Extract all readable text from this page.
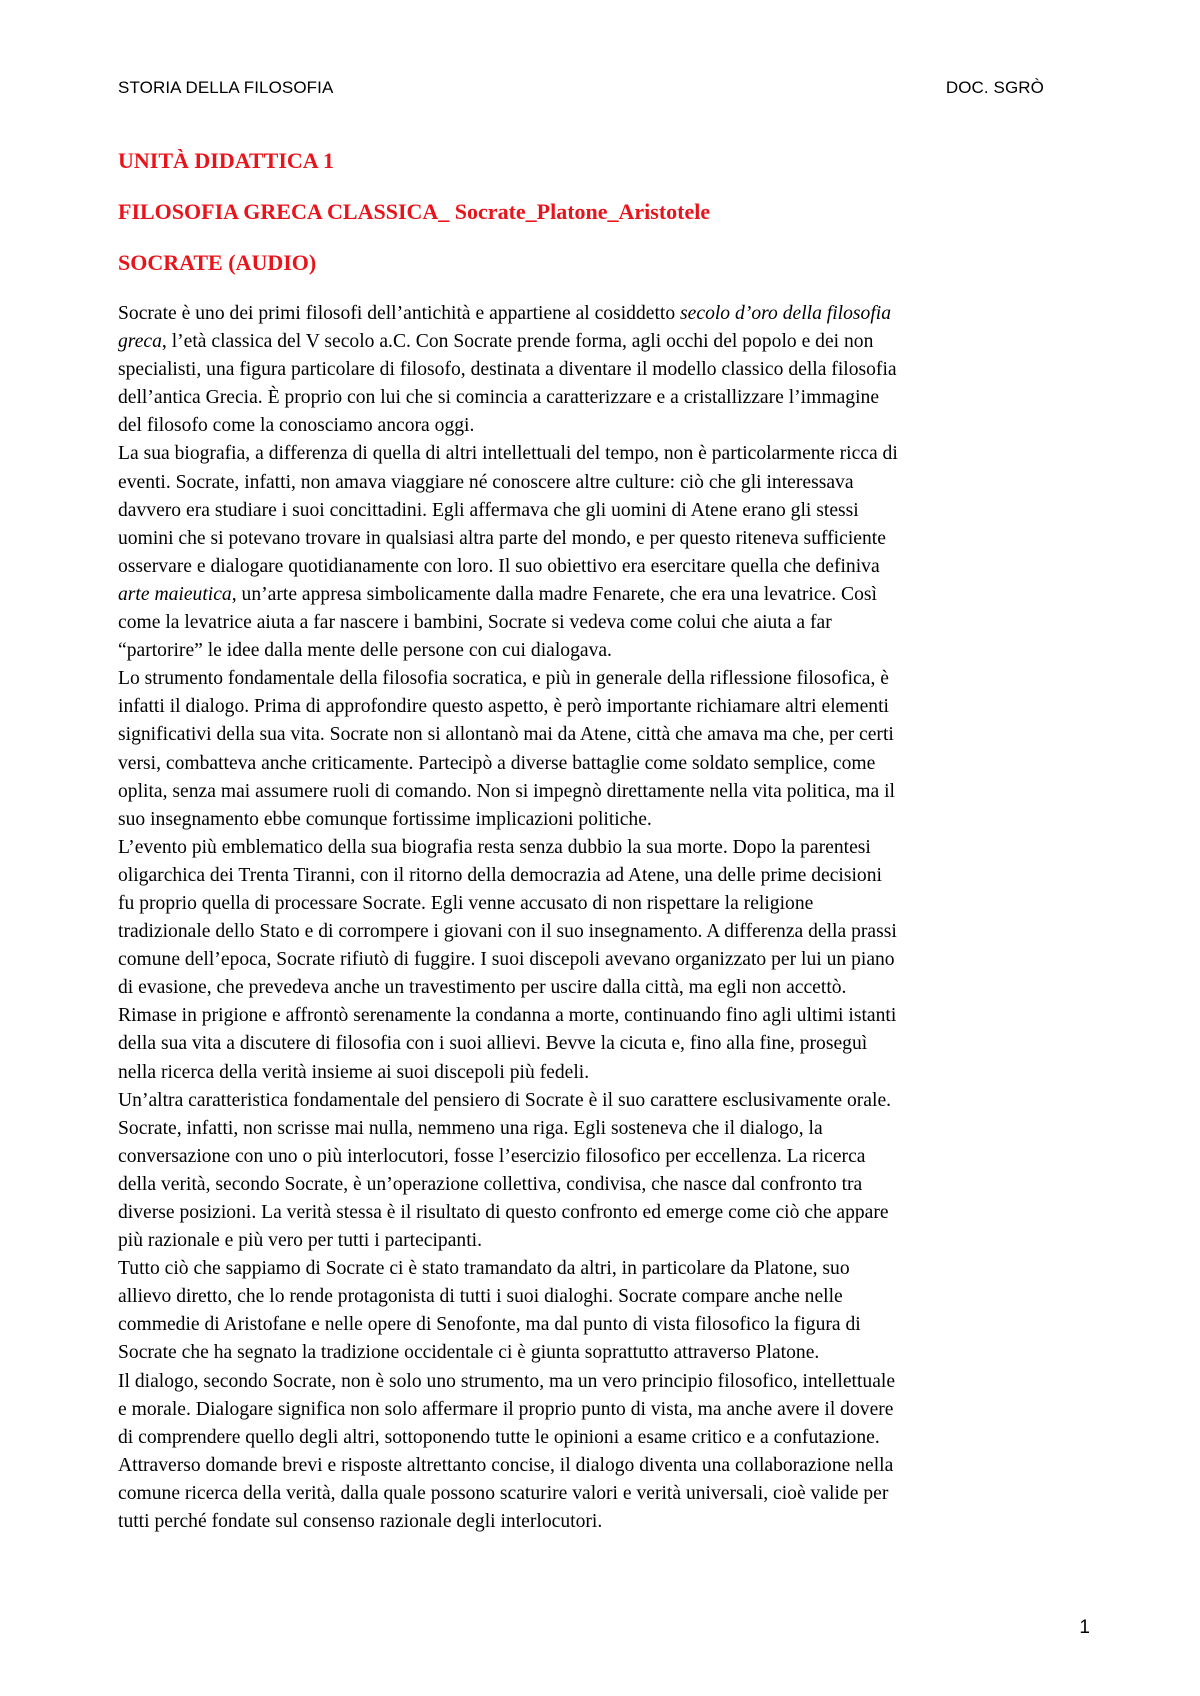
STORIA DELLA FILOSOFIA	DOC. SGRÒ
UNITÀ DIDATTICA 1
FILOSOFIA GRECA CLASSICA_ Socrate_Platone_Aristotele
SOCRATE (AUDIO)
Socrate è uno dei primi filosofi dell’antichità e appartiene al cosiddetto secolo d’oro della filosofia
greca, l’età classica del V secolo a.C. Con Socrate prende forma, agli occhi del popolo e dei non
specialisti, una figura particolare di filosofo, destinata a diventare il modello classico della filosofia
dell’antica Grecia. È proprio con lui che si comincia a caratterizzare e a cristallizzare l’immagine
del filosofo come la conosciamo ancora oggi.
La sua biografia, a differenza di quella di altri intellettuali del tempo, non è particolarmente ricca di
eventi. Socrate, infatti, non amava viaggiare né conoscere altre culture: ciò che gli interessava
davvero era studiare i suoi concittadini. Egli affermava che gli uomini di Atene erano gli stessi
uomini che si potevano trovare in qualsiasi altra parte del mondo, e per questo riteneva sufficiente
osservare e dialogare quotidianamente con loro. Il suo obiettivo era esercitare quella che definiva
arte maieutica, un’arte appresa simbolicamente dalla madre Fenarete, che era una levatrice. Così
come la levatrice aiuta a far nascere i bambini, Socrate si vedeva come colui che aiuta a far
“partorire” le idee dalla mente delle persone con cui dialogava.
Lo strumento fondamentale della filosofia socratica, e più in generale della riflessione filosofica, è
infatti il dialogo. Prima di approfondire questo aspetto, è però importante richiamare altri elementi
significativi della sua vita. Socrate non si allontanò mai da Atene, città che amava ma che, per certi
versi, combatteva anche criticamente. Partecipò a diverse battaglie come soldato semplice, come
oplita, senza mai assumere ruoli di comando. Non si impegnò direttamente nella vita politica, ma il
suo insegnamento ebbe comunque fortissime implicazioni politiche.
L’evento più emblematico della sua biografia resta senza dubbio la sua morte. Dopo la parentesi
oligarchica dei Trenta Tiranni, con il ritorno della democrazia ad Atene, una delle prime decisioni
fu proprio quella di processare Socrate. Egli venne accusato di non rispettare la religione
tradizionale dello Stato e di corrompere i giovani con il suo insegnamento. A differenza della prassi
comune dell’epoca, Socrate rifiutò di fuggire. I suoi discepoli avevano organizzato per lui un piano
di evasione, che prevedeva anche un travestimento per uscire dalla città, ma egli non accettò.
Rimase in prigione e affrontò serenamente la condanna a morte, continuando fino agli ultimi istanti
della sua vita a discutere di filosofia con i suoi allievi. Bevve la cicuta e, fino alla fine, proseguì
nella ricerca della verità insieme ai suoi discepoli più fedeli.
Un’altra caratteristica fondamentale del pensiero di Socrate è il suo carattere esclusivamente orale.
Socrate, infatti, non scrisse mai nulla, nemmeno una riga. Egli sosteneva che il dialogo, la
conversazione con uno o più interlocutori, fosse l’esercizio filosofico per eccellenza. La ricerca
della verità, secondo Socrate, è un’operazione collettiva, condivisa, che nasce dal confronto tra
diverse posizioni. La verità stessa è il risultato di questo confronto ed emerge come ciò che appare
più razionale e più vero per tutti i partecipanti.
Tutto ciò che sappiamo di Socrate ci è stato tramandato da altri, in particolare da Platone, suo
allievo diretto, che lo rende protagonista di tutti i suoi dialoghi. Socrate compare anche nelle
commedie di Aristofane e nelle opere di Senofonte, ma dal punto di vista filosofico la figura di
Socrate che ha segnato la tradizione occidentale ci è giunta soprattutto attraverso Platone.
Il dialogo, secondo Socrate, non è solo uno strumento, ma un vero principio filosofico, intellettuale
e morale. Dialogare significa non solo affermare il proprio punto di vista, ma anche avere il dovere
di comprendere quello degli altri, sottoponendo tutte le opinioni a esame critico e a confutazione.
Attraverso domande brevi e risposte altrettanto concise, il dialogo diventa una collaborazione nella
comune ricerca della verità, dalla quale possono scaturire valori e verità universali, cioè valide per
tutti perché fondate sul consenso razionale degli interlocutori.
1
